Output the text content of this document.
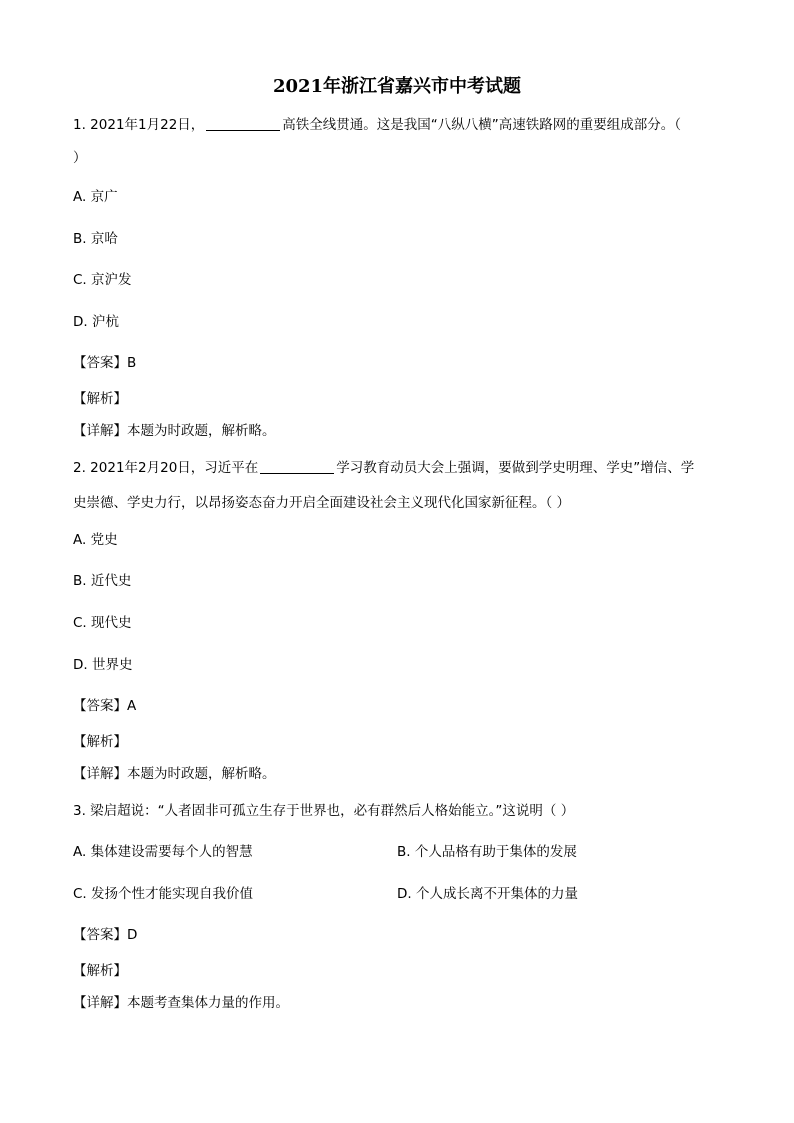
2021年浙江省嘉兴市中考试题
1. 2021年1月22日，	高铁全线贯通。这是我国“八纵八横”高速铁路网的重要组成部分。（
）
A. 京广
B. 京哈
C. 京沪发
D. 沪杭
【答案】B
【解析】
【详解】本题为时政题，解析略。
2. 2021年2月20日，习近平在	学习教育动员大会上强调，要做到学史明理、学史”增信、学
史崇德、学史力行，以昂扬姿态奋力开启全面建设社会主义现代化国家新征程。（ ）
A. 党史
B. 近代史
C. 现代史
D. 世界史
【答案】A
【解析】
【详解】本题为时政题，解析略。
3. 梁启超说：“人者固非可孤立生存于世界也，必有群然后人格始能立。”这说明（ ）
A. 集体建设需要每个人的智慧	B. 个人品格有助于集体的发展
C. 发扬个性才能实现自我价值	D. 个人成长离不开集体的力量
【答案】D
【解析】
【详解】本题考查集体力量的作用。
